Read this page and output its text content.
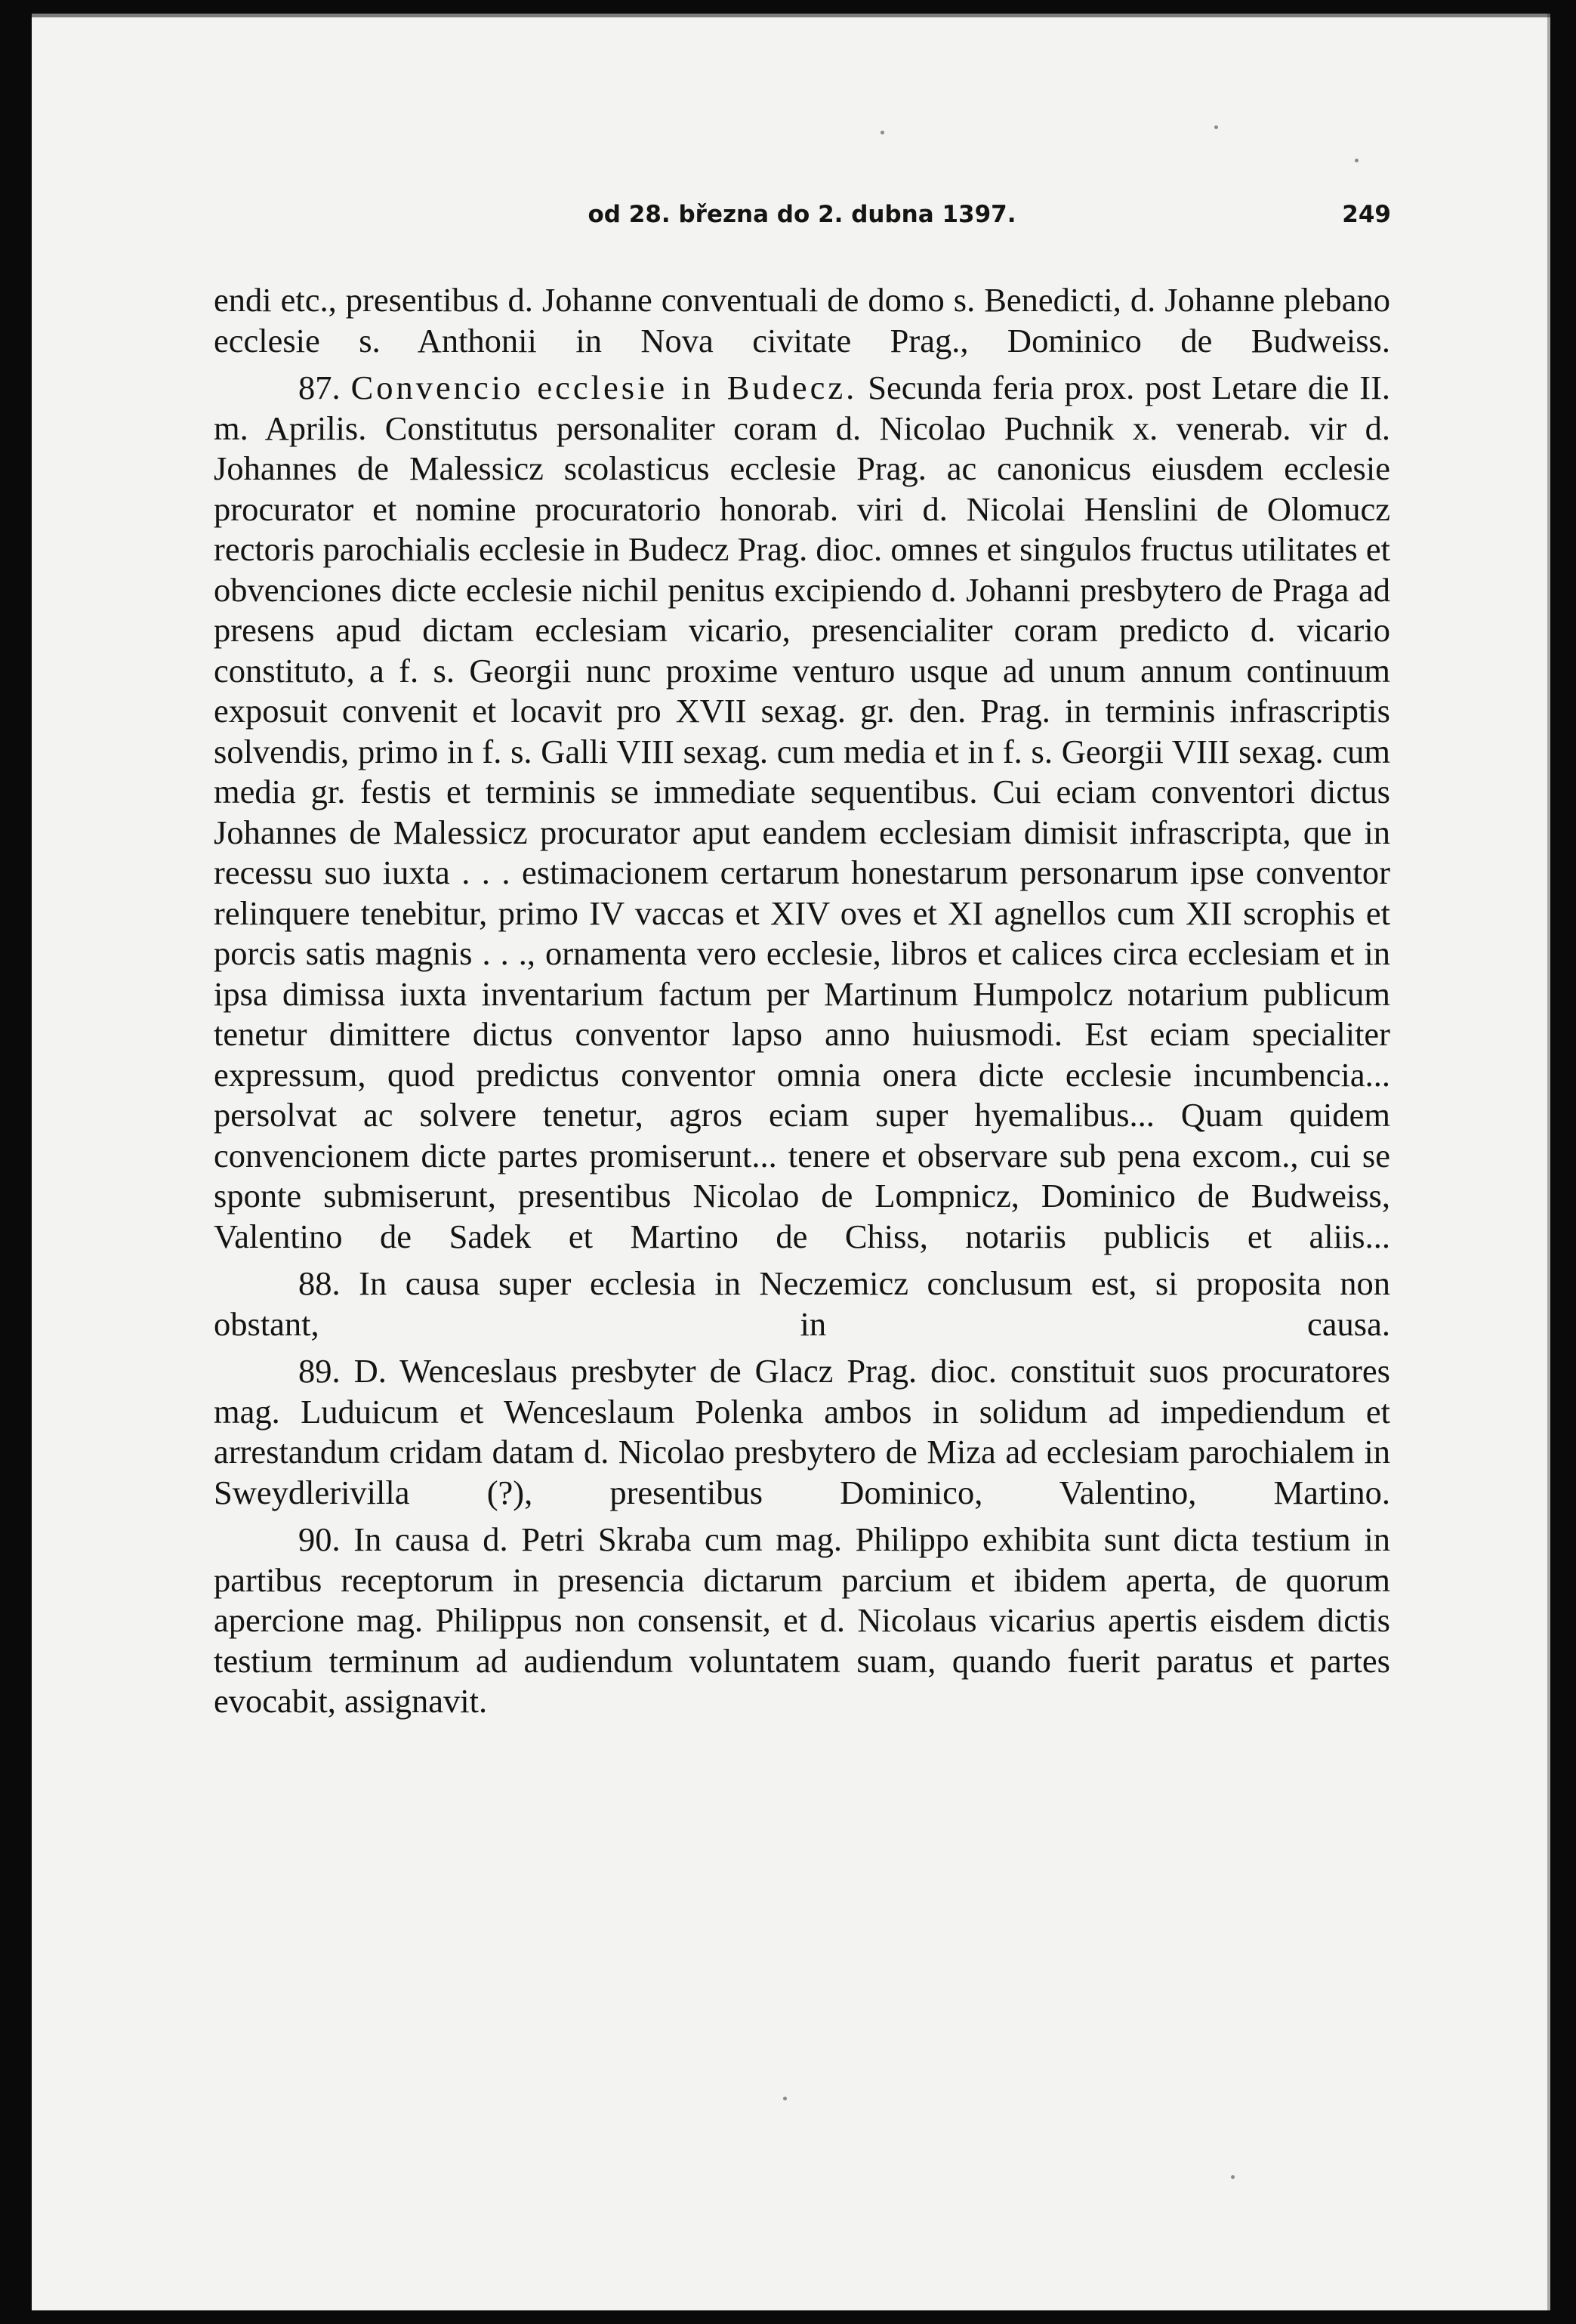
od 28. března do 2. dubna 1397.	249

endi etc., presentibus d. Johanne conventuali de domo s. Benedicti, d. Johanne plebano ecclesie s. Anthonii in Nova civitate Prag., Dominico de Budweiss.

87. Convencio ecclesie in Budecz. Secunda feria prox. post Letare die II. m. Aprilis. Constitutus personaliter coram d. Nicolao Puchnik x. venerab. vir d. Johannes de Malessicz scolasticus ecclesie Prag. ac canonicus eiusdem ecclesie procurator et nomine procuratorio honorab. viri d. Nicolai Henslini de Olomucz rectoris parochialis ecclesie in Budecz Prag. dioc. omnes et singulos fructus utilitates et obvenciones dicte ecclesie nichil penitus excipiendo d. Johanni presbytero de Praga ad presens apud dictam ecclesiam vicario, presencialiter coram predicto d. vicario constituto, a f. s. Georgii nunc proxime venturo usque ad unum annum continuum exposuit convenit et locavit pro XVII sexag. gr. den. Prag. in terminis infrascriptis solvendis, primo in f. s. Galli VIII sexag. cum media et in f. s. Georgii VIII sexag. cum media gr. festis et terminis se immediate sequentibus. Cui eciam conventori dictus Johannes de Malessicz procurator aput eandem ecclesiam dimisit infrascripta, que in recessu suo iuxta . . . estimacionem certarum honestarum personarum ipse conventor relinquere tenebitur, primo IV vaccas et XIV oves et XI agnellos cum XII scrophis et porcis satis magnis . . ., ornamenta vero ecclesie, libros et calices circa ecclesiam et in ipsa dimissa iuxta inventarium factum per Martinum Humpolcz notarium publicum tenetur dimittere dictus conventor lapso anno huiusmodi. Est eciam specialiter expressum, quod predictus conventor omnia onera dicte ecclesie incumbencia... persolvat ac solvere tenetur, agros eciam super hyemalibus... Quam quidem convencionem dicte partes promiserunt... tenere et observare sub pena excom., cui se sponte submiserunt, presentibus Nicolao de Lompnicz, Dominico de Budweiss, Valentino de Sadek et Martino de Chiss, notariis publicis et aliis...

88. In causa super ecclesia in Neczemicz conclusum est, si proposita non obstant, in causa.

89. D. Wenceslaus presbyter de Glacz Prag. dioc. constituit suos procuratores mag. Luduicum et Wenceslaum Polenka ambos in solidum ad impediendum et arrestandum cridam datam d. Nicolao presbytero de Miza ad ecclesiam parochialem in Sweydlerivilla (?), presentibus Dominico, Valentino, Martino.

90. In causa d. Petri Skraba cum mag. Philippo exhibita sunt dicta testium in partibus receptorum in presencia dictarum parcium et ibidem aperta, de quorum apercione mag. Philippus non consensit, et d. Nicolaus vicarius apertis eisdem dictis testium terminum ad audiendum voluntatem suam, quando fuerit paratus et partes evocabit, assignavit.
